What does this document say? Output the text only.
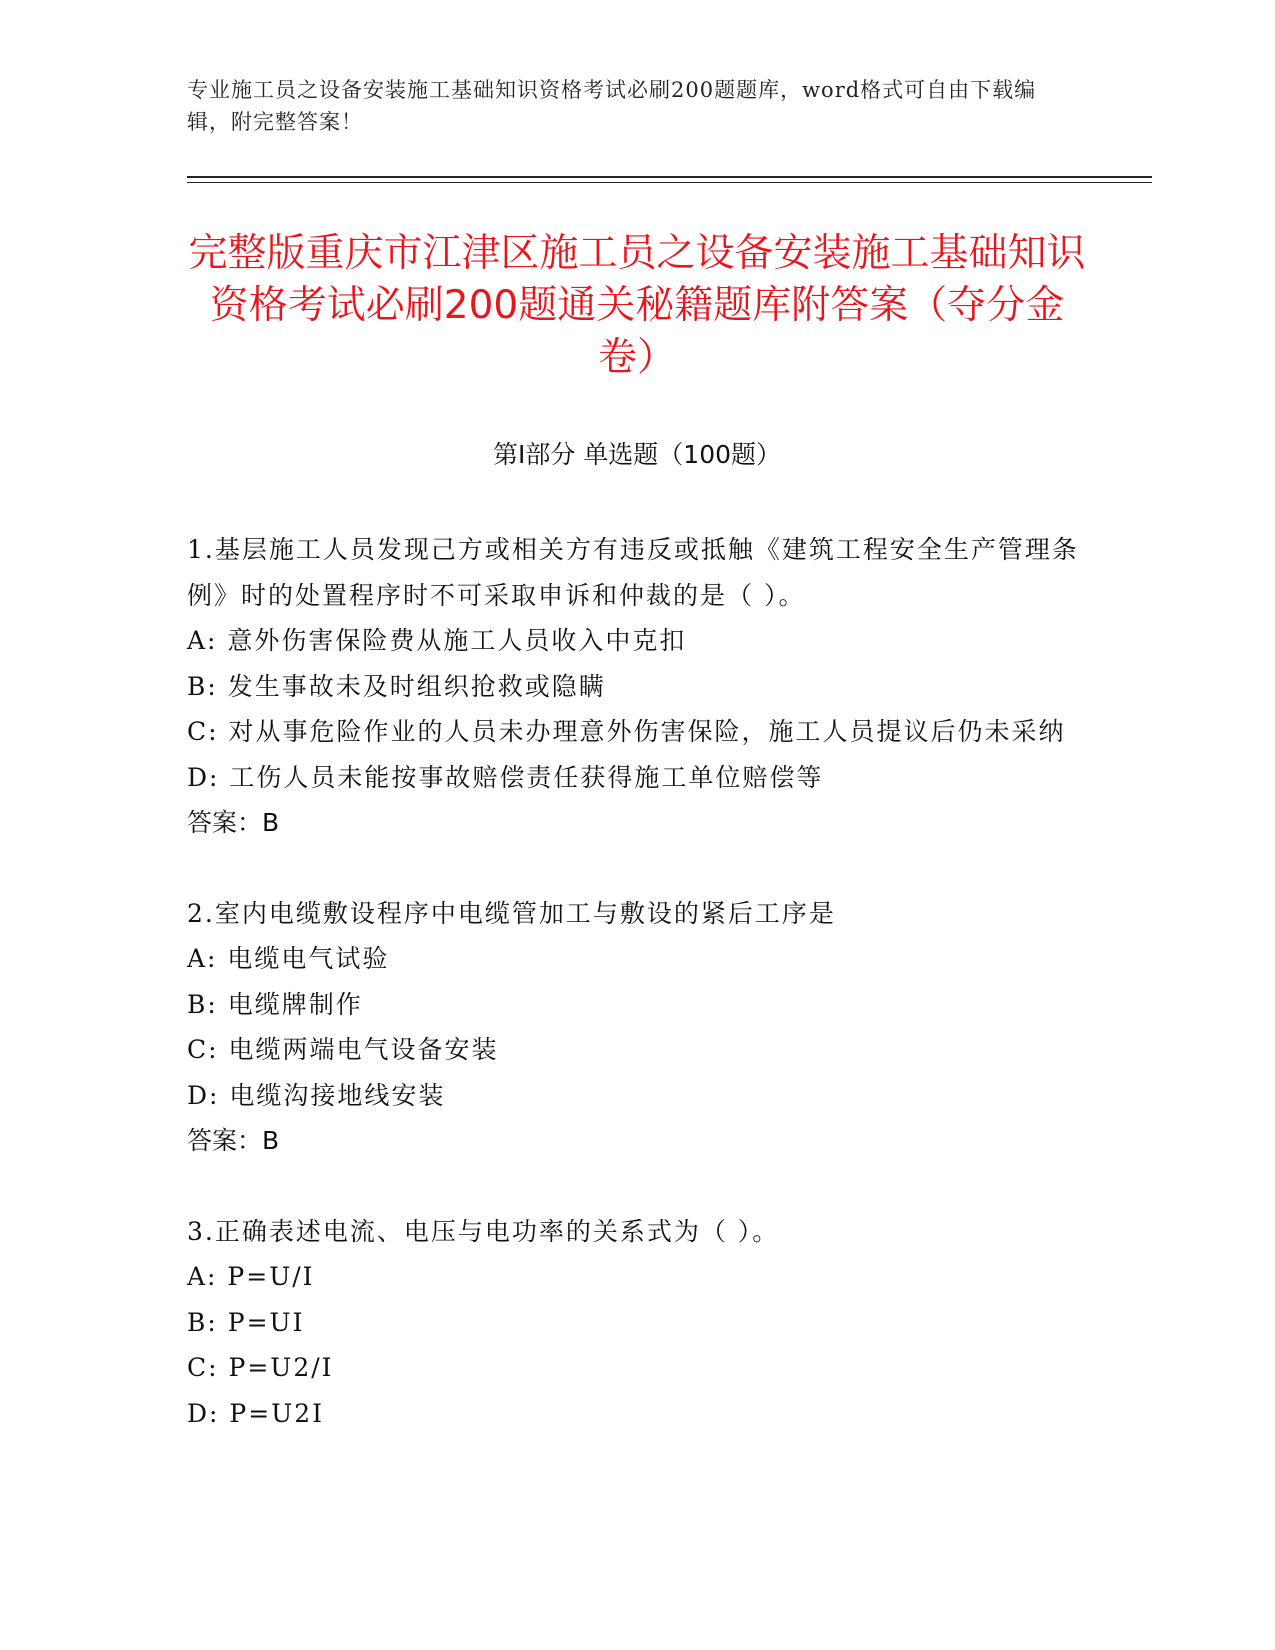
专业施工员之设备安装施工基础知识资格考试必刷200题题库，word格式可自由下载编辑，附完整答案！
完整版重庆市江津区施工员之设备安装施工基础知识资格考试必刷200题通关秘籍题库附答案（夺分金卷）
第Ⅰ部分 单选题（100题）

1.基层施工人员发现己方或相关方有违反或抵触《建筑工程安全生产管理条例》时的处置程序时不可采取申诉和仲裁的是（ ）。

A: 意外伤害保险费从施工人员收入中克扣

B: 发生事故未及时组织抢救或隐瞒

C: 对从事危险作业的人员未办理意外伤害保险，施工人员提议后仍未采纳

D: 工伤人员未能按事故赔偿责任获得施工单位赔偿等

答案：B

2.室内电缆敷设程序中电缆管加工与敷设的紧后工序是

A: 电缆电气试验

B: 电缆牌制作

C: 电缆两端电气设备安装

D: 电缆沟接地线安装

答案：B

3.正确表述电流、电压与电功率的关系式为（ ）。

A: P=U/I

B: P=UI

C: P=U2/I

D: P=U2I
